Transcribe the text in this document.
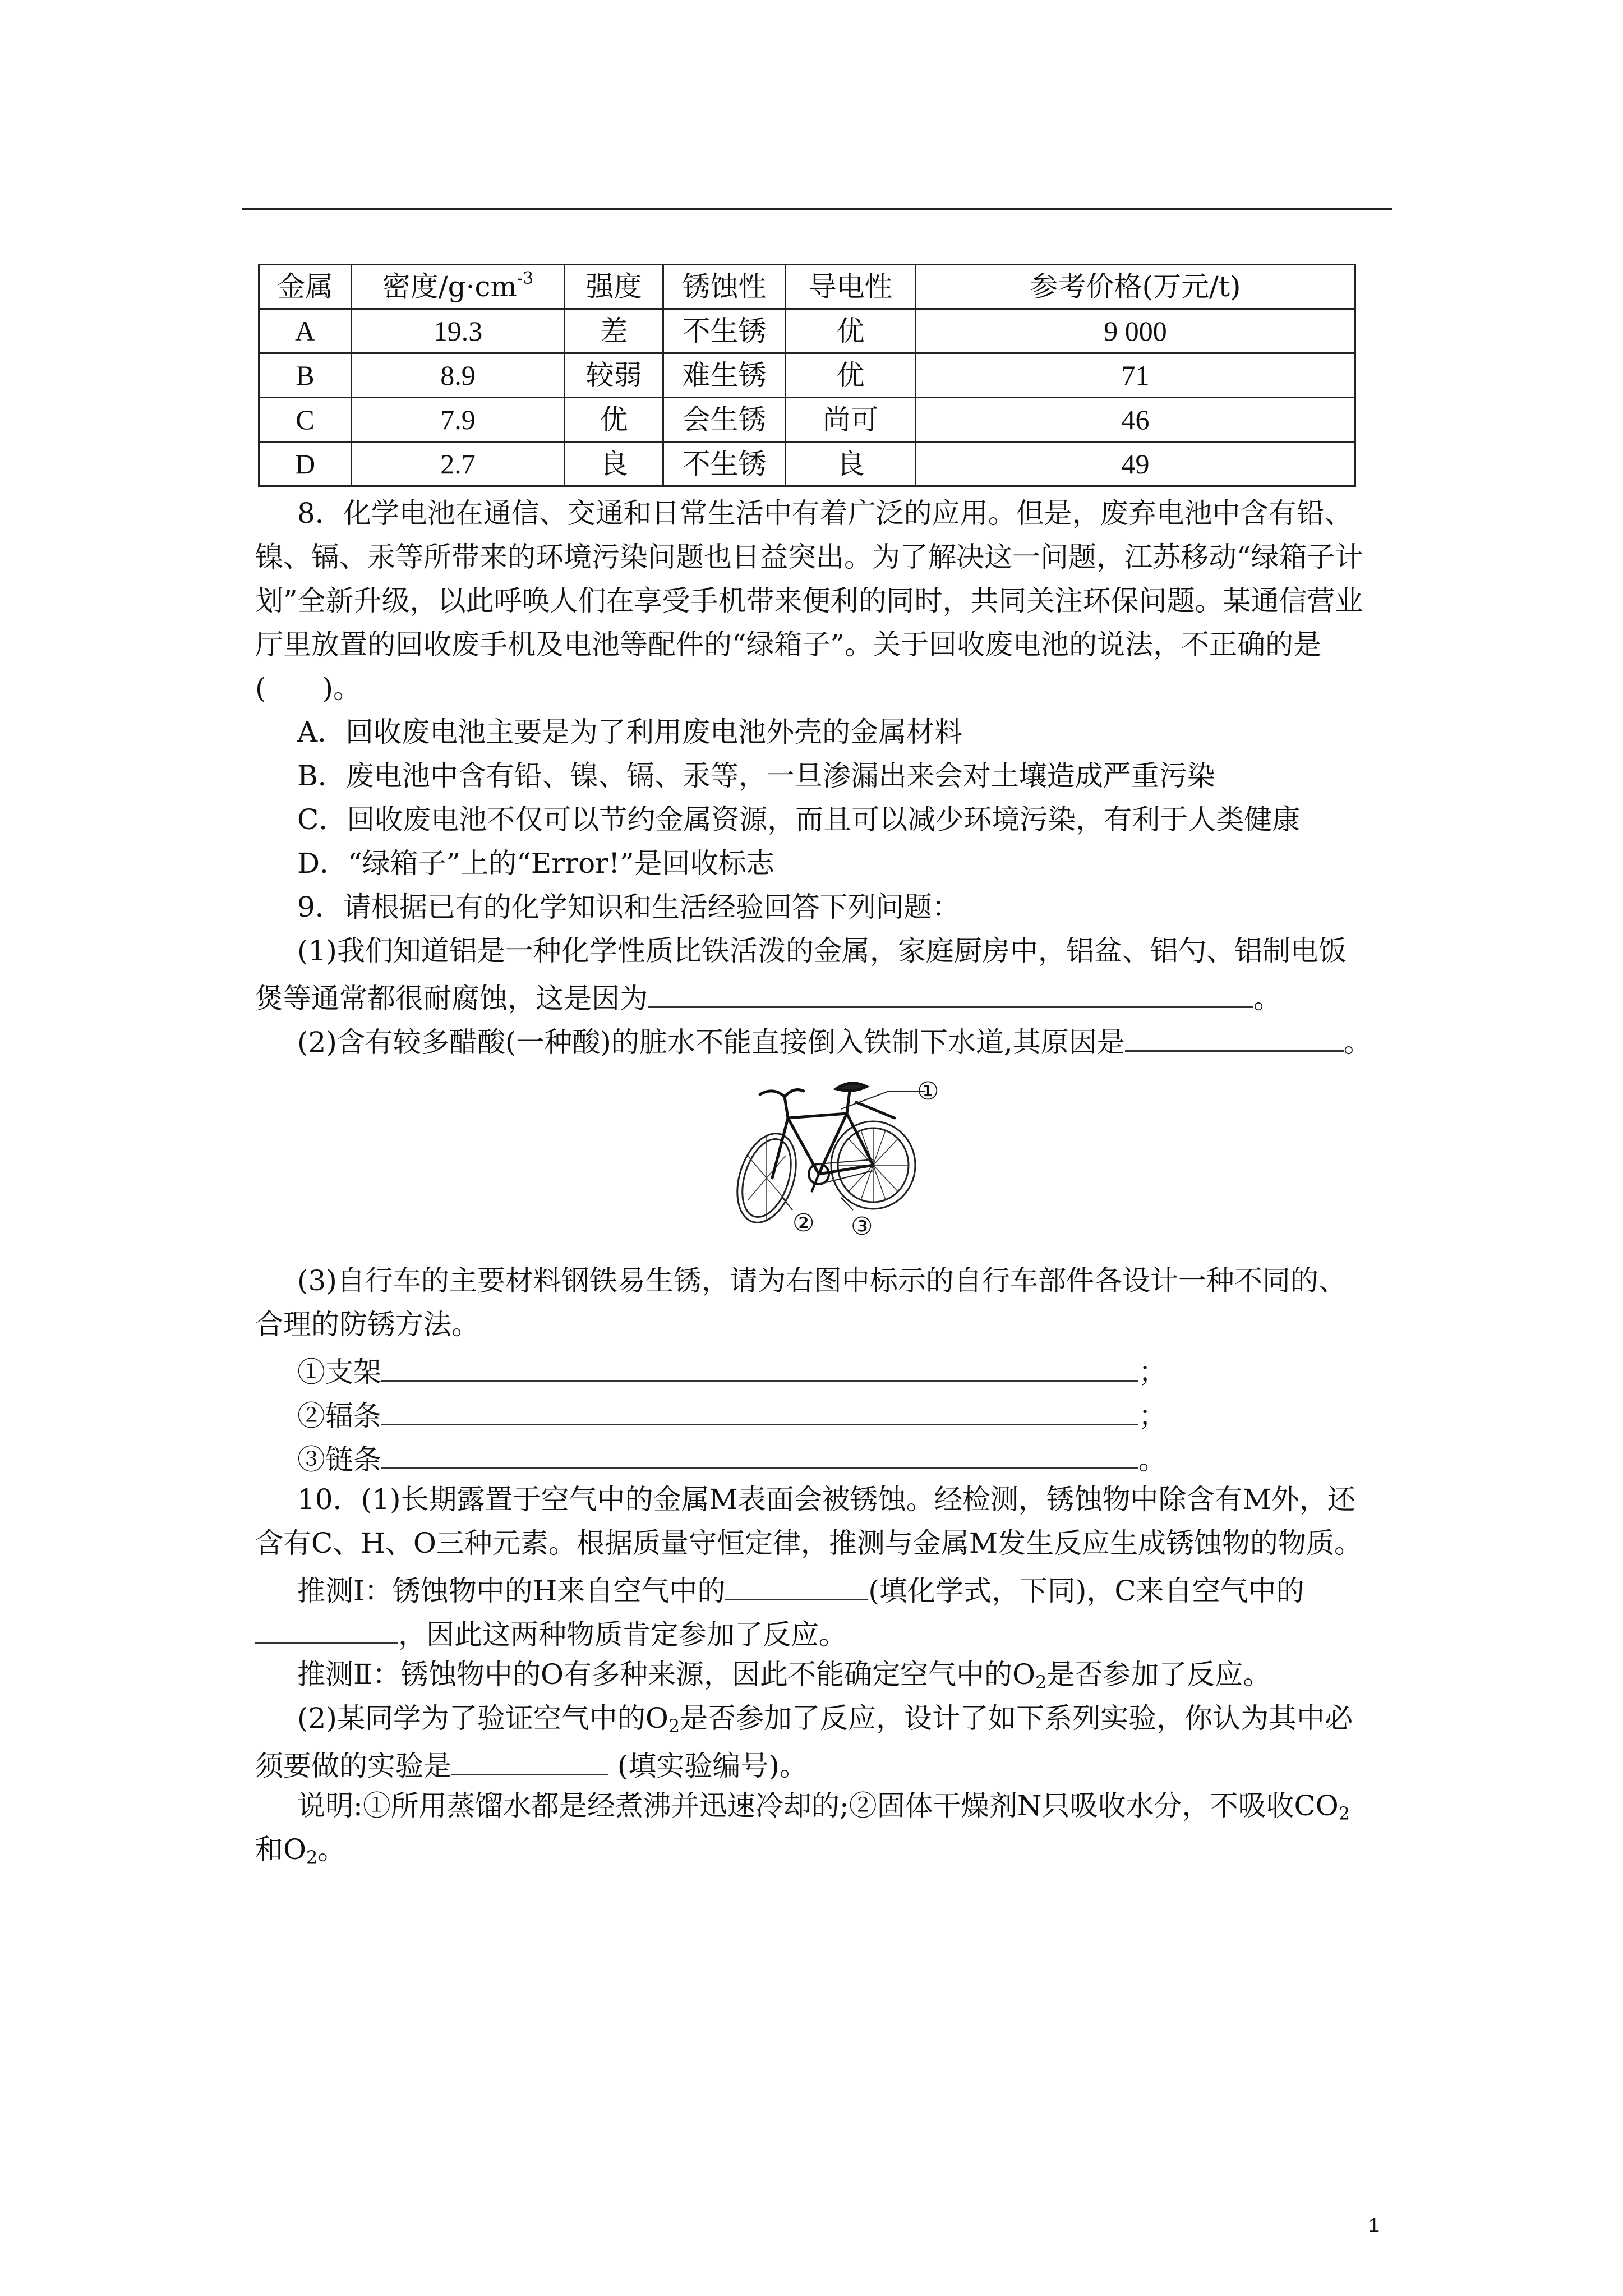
金属	密度$/g\cdot cm^{-3}$	强度	锈蚀性	导电性	参考价格(万元/t)
A	19.3	差	不生锈	优	9 000
B	8.9	较弱	难生锈	优	71
C	7.9	优	会生锈	尚可	46
D	2.7	良	不生锈	良	49
8．化学电池在通信、交通和日常生活中有着广泛的应用。但是，废弃电池中含有铅、
镍、镉、汞等所带来的环境污染问题也日益突出。为了解决这一问题，江苏移动“绿箱子计
划”全新升级，以此呼唤人们在享受手机带来便利的同时，共同关注环保问题。某通信营业
厅里放置的回收废手机及电池等配件的“绿箱子”。关于回收废电池的说法，不正确的是
(　　)。
A．回收废电池主要是为了利用废电池外壳的金属材料
B．废电池中含有铅、镍、镉、汞等，一旦渗漏出来会对土壤造成严重污染
C．回收废电池不仅可以节约金属资源，而且可以减少环境污染，有利于人类健康
D．“绿箱子”上的“Error!”是回收标志
9．请根据已有的化学知识和生活经验回答下列问题：
(1)我们知道铝是一种化学性质比铁活泼的金属，家庭厨房中，铝盆、铝勺、铝制电饭
煲等通常都很耐腐蚀，这是因为	。
(2)含有较多醋酸(一种酸)的脏水不能直接倒入铁制下水道,其原因是	。
①
② ③
(3)自行车的主要材料钢铁易生锈，请为右图中标示的自行车部件各设计一种不同的、
合理的防锈方法。
①支架	；
②辐条	；
③链条	。
10．(1)长期露置于空气中的金属M表面会被锈蚀。经检测，锈蚀物中除含有M外，还
含有C、H、O三种元素。根据质量守恒定律，推测与金属M发生反应生成锈蚀物的物质。
推测Ⅰ：锈蚀物中的H来自空气中的	(填化学式，下同)，C来自空气中的
，因此这两种物质肯定参加了反应。
推测Ⅱ：锈蚀物中的O有多种来源，因此不能确定空气中的$O_2$是否参加了反应。
(2)某同学为了验证空气中的$O_2$是否参加了反应，设计了如下系列实验，你认为其中必
须要做的实验是	(填实验编号)。
说明:①所用蒸馏水都是经煮沸并迅速冷却的;②固体干燥剂N只吸收水分，不吸收$CO_2$
和$O_2$。
1
